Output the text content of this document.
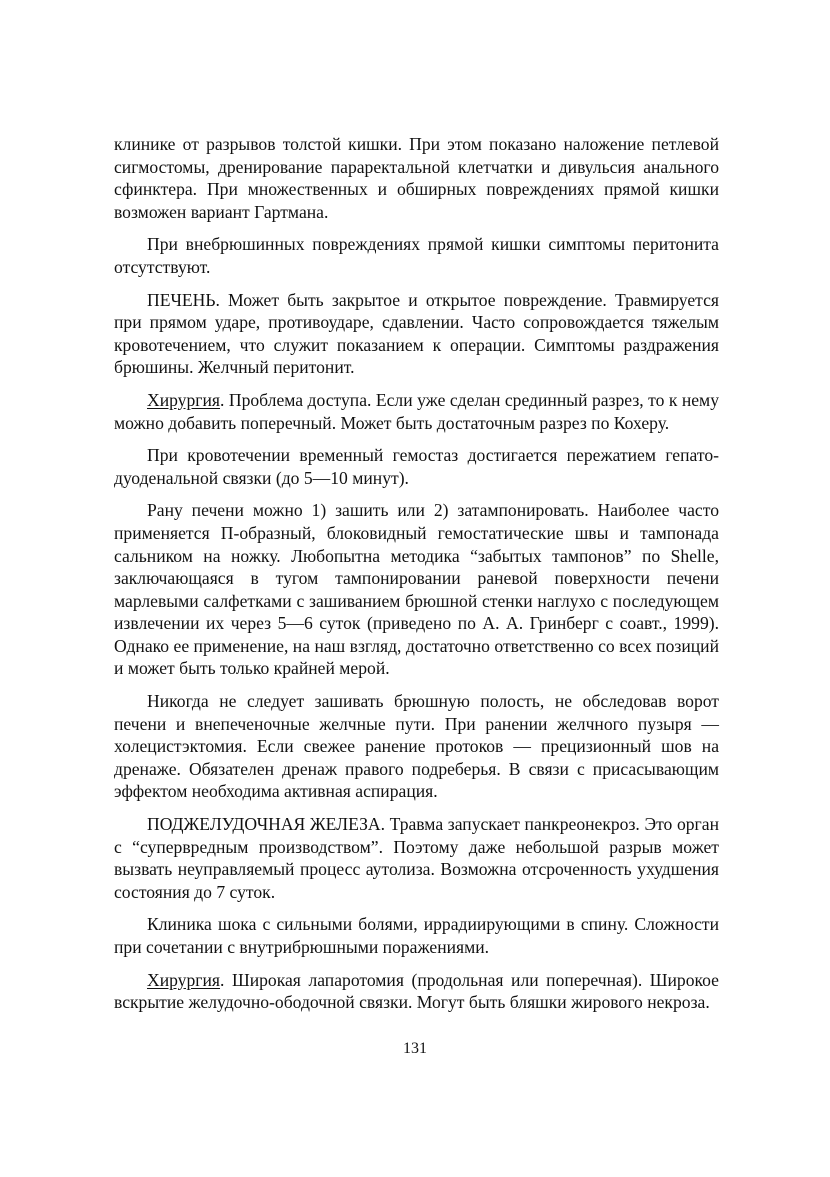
клинике от разрывов толстой кишки. При этом показано наложение петлевой сигмостомы, дренирование параректальной клетчатки и дивульсия анального сфинктера. При множественных и обширных повреждениях прямой кишки возможен вариант Гартмана.

При внебрюшинных повреждениях прямой кишки симптомы перитонита отсутствуют.

ПЕЧЕНЬ. Может быть закрытое и открытое повреждение. Травмируется при прямом ударе, противоударе, сдавлении. Часто сопровождается тяжелым кровотечением, что служит показанием к операции. Симптомы раздражения брюшины. Желчный перитонит.

Хирургия. Проблема доступа. Если уже сделан срединный разрез, то к нему можно добавить поперечный. Может быть достаточным разрез по Кохеру.

При кровотечении временный гемостаз достигается пережатием гепато-дуоденальной связки (до 5—10 минут).

Рану печени можно 1) зашить или 2) затампонировать. Наиболее часто применяется П-образный, блоковидный гемостатические швы и тампонада сальником на ножку. Любопытна методика “забытых тампонов” по Shelle, заключающаяся в тугом тампонировании раневой поверхности печени марлевыми салфетками с зашиванием брюшной стенки наглухо с последующем извлечении их через 5—6 суток (приведено по А. А. Гринберг с соавт., 1999). Однако ее применение, на наш взгляд, достаточно ответственно со всех позиций и может быть только крайней мерой.

Никогда не следует зашивать брюшную полость, не обследовав ворот печени и внепеченочные желчные пути. При ранении желчного пузыря — холецистэктомия. Если свежее ранение протоков — прецизионный шов на дренаже. Обязателен дренаж правого подреберья. В связи с присасывающим эффектом необходима активная аспирация.

ПОДЖЕЛУДОЧНАЯ ЖЕЛЕЗА. Травма запускает панкреонекроз. Это орган с “супервредным производством”. Поэтому даже небольшой разрыв может вызвать неуправляемый процесс аутолиза. Возможна отсроченность ухудшения состояния до 7 суток.

Клиника шока с сильными болями, иррадиирующими в спину. Сложности при сочетании с внутрибрюшными поражениями.

Хирургия. Широкая лапаротомия (продольная или поперечная). Широкое вскрытие желудочно-ободочной связки. Могут быть бляшки жирового некроза.

131
